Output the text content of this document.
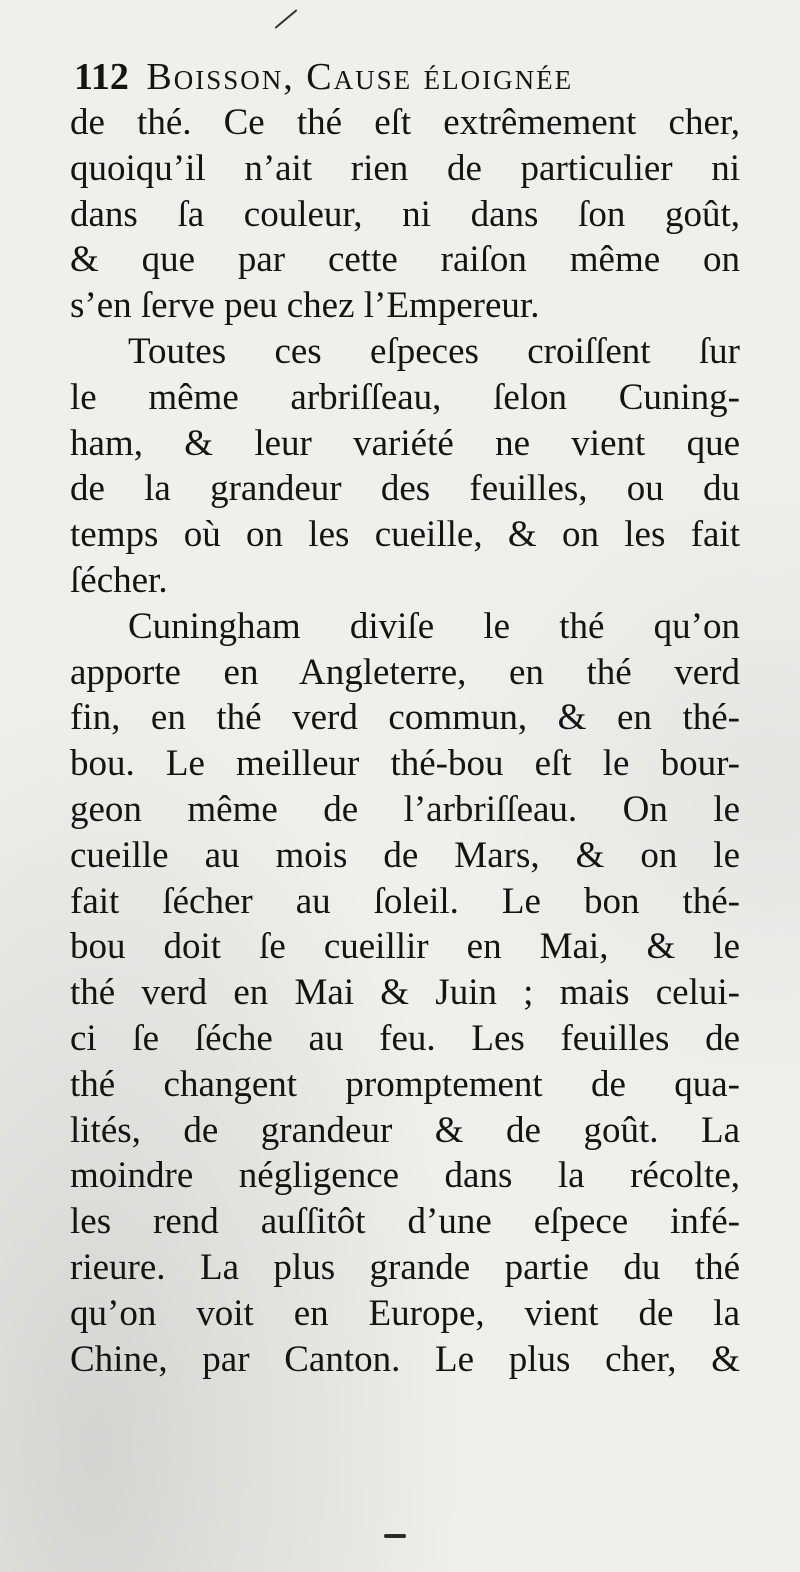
112 Boisson, Cause éloignée
de thé. Ce thé eſt extrêmement cher,
quoiqu’il n’ait rien de particulier ni
dans ſa couleur, ni dans ſon goût,
& que par cette raiſon même on
s’en ſerve peu chez l’Empereur.
Toutes ces eſpeces croiſſent ſur
le même arbriſſeau, ſelon Cuning-
ham, & leur variété ne vient que
de la grandeur des feuilles, ou du
temps où on les cueille, & on les fait
ſécher.
Cuningham diviſe le thé qu’on
apporte en Angleterre, en thé verd
fin, en thé verd commun, & en thé-
bou. Le meilleur thé-bou eſt le bour-
geon même de l’arbriſſeau. On le
cueille au mois de Mars, & on le
fait ſécher au ſoleil. Le bon thé-
bou doit ſe cueillir en Mai, & le
thé verd en Mai & Juin ; mais celui-
ci ſe ſéche au feu. Les feuilles de
thé changent promptement de qua-
lités, de grandeur & de goût. La
moindre négligence dans la récolte,
les rend auſſitôt d’une eſpece infé-
rieure. La plus grande partie du thé
qu’on voit en Europe, vient de la
Chine, par Canton. Le plus cher, &
